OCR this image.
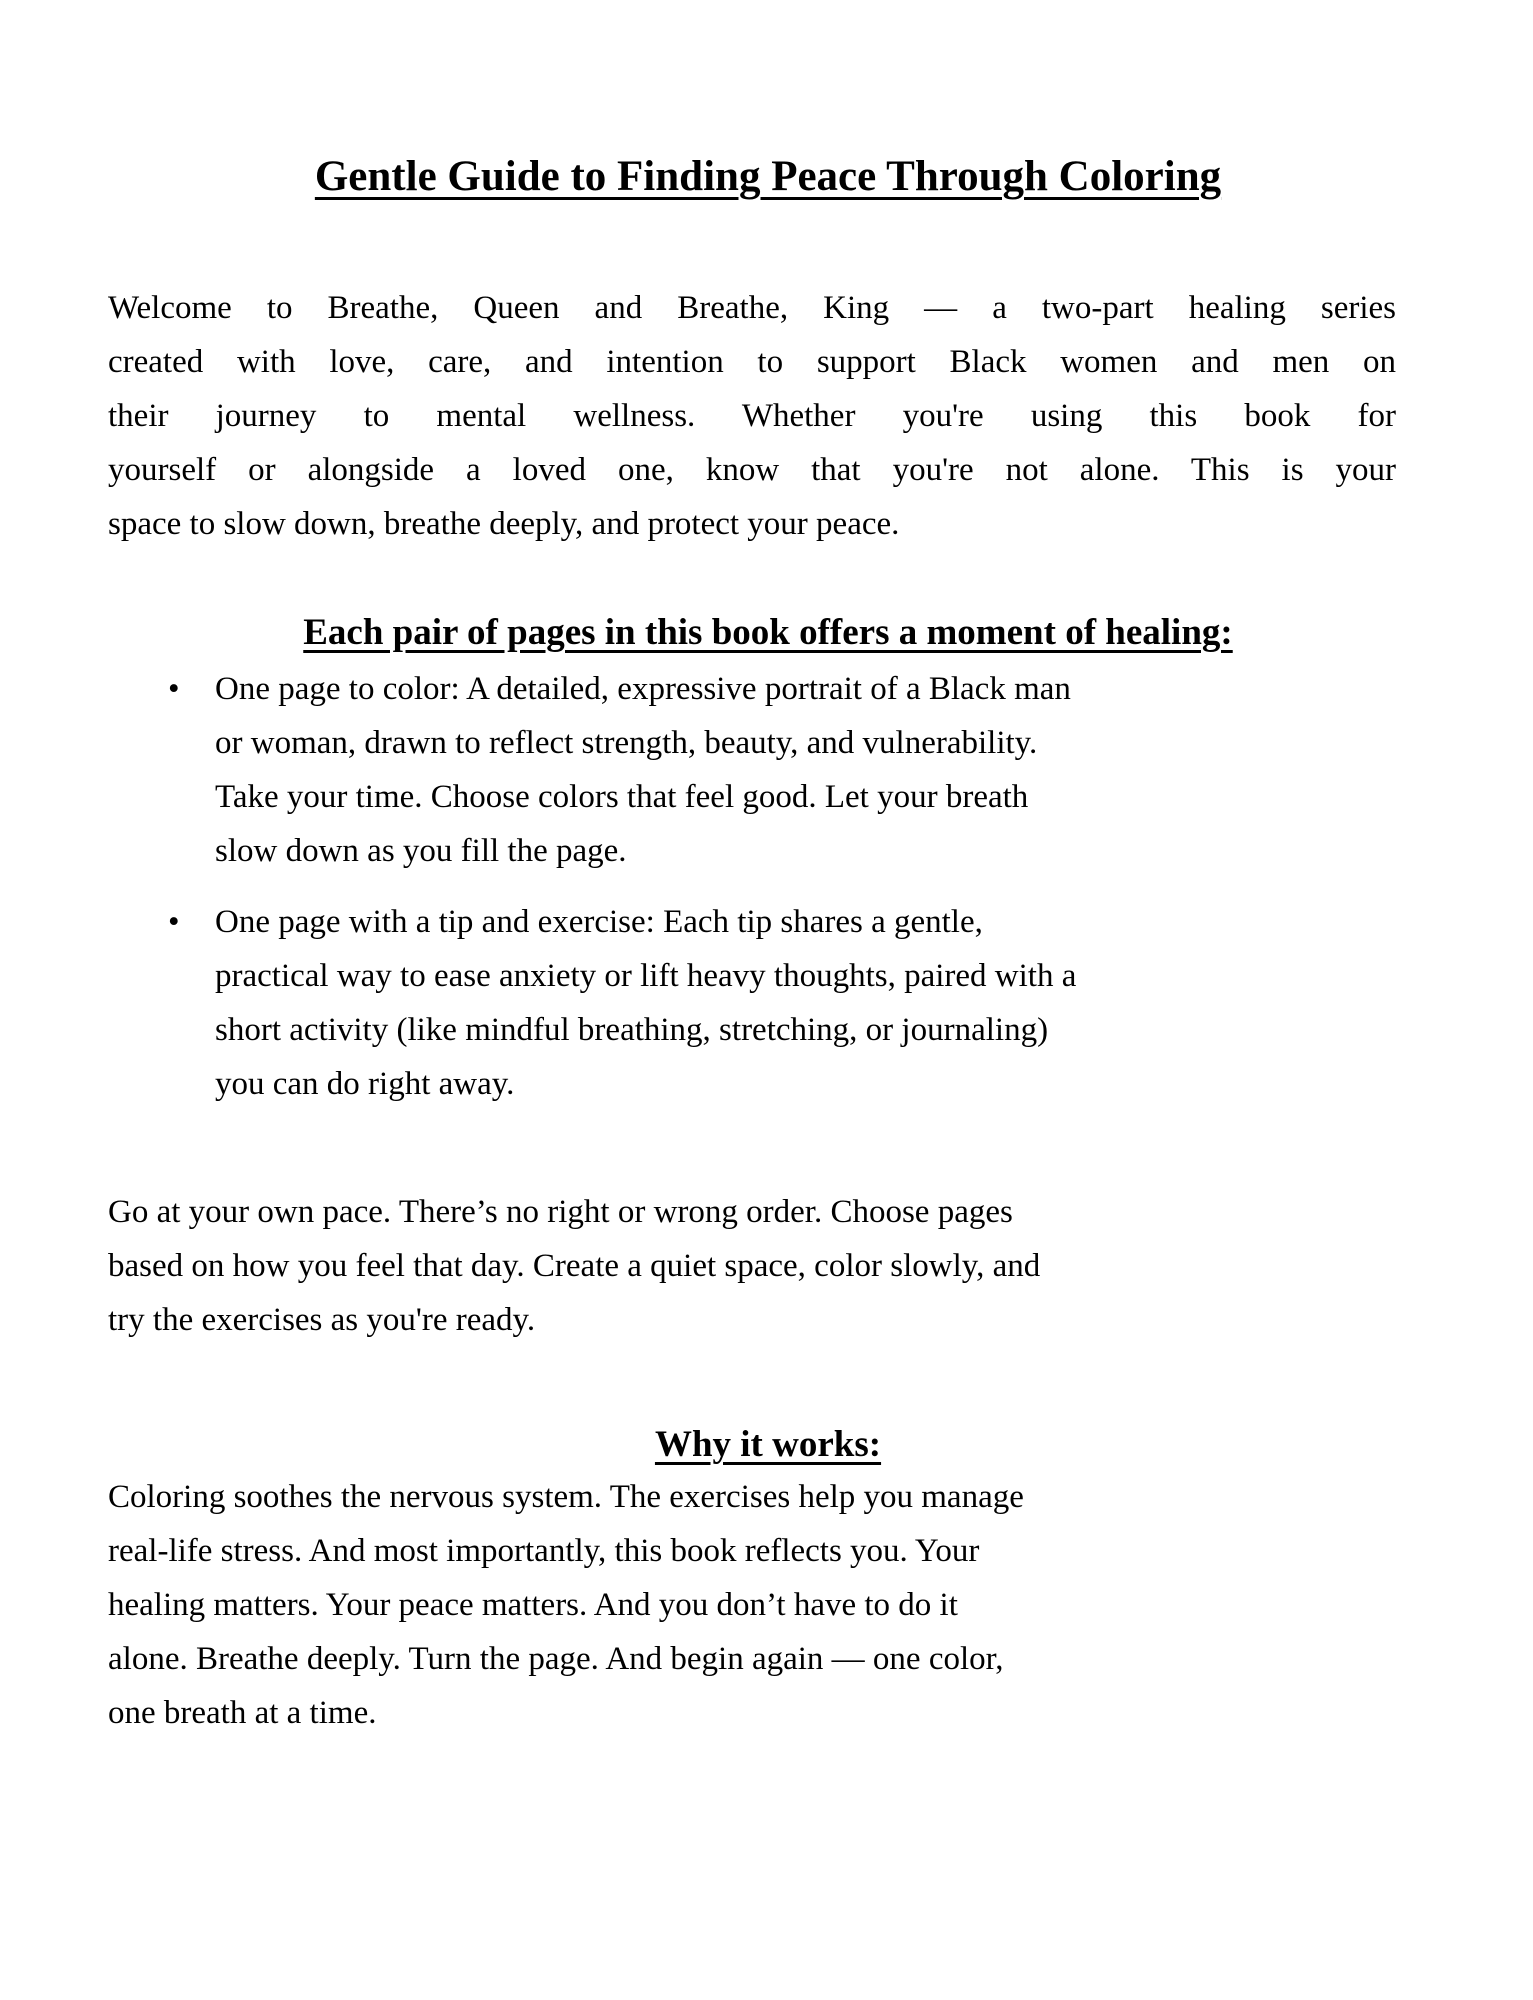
Gentle Guide to Finding Peace Through Coloring
Welcome to Breathe, Queen and Breathe, King — a two-part healing series
created with love, care, and intention to support Black women and men on
their journey to mental wellness. Whether you're using this book for
yourself or alongside a loved one, know that you're not alone. This is your
space to slow down, breathe deeply, and protect your peace.
Each pair of pages in this book offers a moment of healing:
•	One page to color: A detailed, expressive portrait of a Black man
or woman, drawn to reflect strength, beauty, and vulnerability.
Take your time. Choose colors that feel good. Let your breath
slow down as you fill the page.
•	One page with a tip and exercise: Each tip shares a gentle,
practical way to ease anxiety or lift heavy thoughts, paired with a
short activity (like mindful breathing, stretching, or journaling)
you can do right away.
Go at your own pace. There’s no right or wrong order. Choose pages
based on how you feel that day. Create a quiet space, color slowly, and
try the exercises as you're ready.
Why it works:
Coloring soothes the nervous system. The exercises help you manage
real-life stress. And most importantly, this book reflects you. Your
healing matters. Your peace matters. And you don’t have to do it
alone. Breathe deeply. Turn the page. And begin again — one color,
one breath at a time.
